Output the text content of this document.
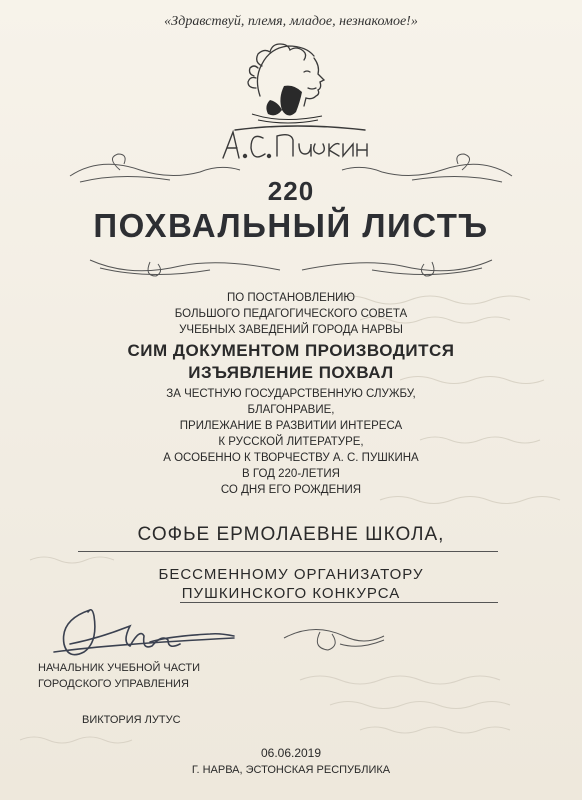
«Здравствуй, племя, младое, незнакомое!»
220
ПОХВАЛЬНЫЙ ЛИСТЪ
ПО ПОСТАНОВЛЕНИЮ
БОЛЬШОГО ПЕДАГОГИЧЕСКОГО СОВЕТА
УЧЕБНЫХ ЗАВЕДЕНИЙ ГОРОДА НАРВЫ
СИМ ДОКУМЕНТОМ ПРОИЗВОДИТСЯ
ИЗЪЯВЛЕНИЕ ПОХВАЛ
ЗА ЧЕСТНУЮ ГОСУДАРСТВЕННУЮ СЛУЖБУ,
БЛАГОНРАВИЕ,
ПРИЛЕЖАНИЕ В РАЗВИТИИ ИНТЕРЕСА
К РУССКОЙ ЛИТЕРАТУРЕ,
А ОСОБЕННО К ТВОРЧЕСТВУ А. С. ПУШКИНА
В ГОД 220-ЛЕТИЯ
СО ДНЯ ЕГО РОЖДЕНИЯ
СОФЬЕ ЕРМОЛАЕВНЕ ШКОЛА,
БЕССМЕННОМУ ОРГАНИЗАТОРУ
ПУШКИНСКОГО КОНКУРСА
НАЧАЛЬНИК УЧЕБНОЙ ЧАСТИ
ГОРОДСКОГО УПРАВЛЕНИЯ
ВИКТОРИЯ ЛУТУС
06.06.2019
Г. НАРВА, ЭСТОНСКАЯ РЕСПУБЛИКА
